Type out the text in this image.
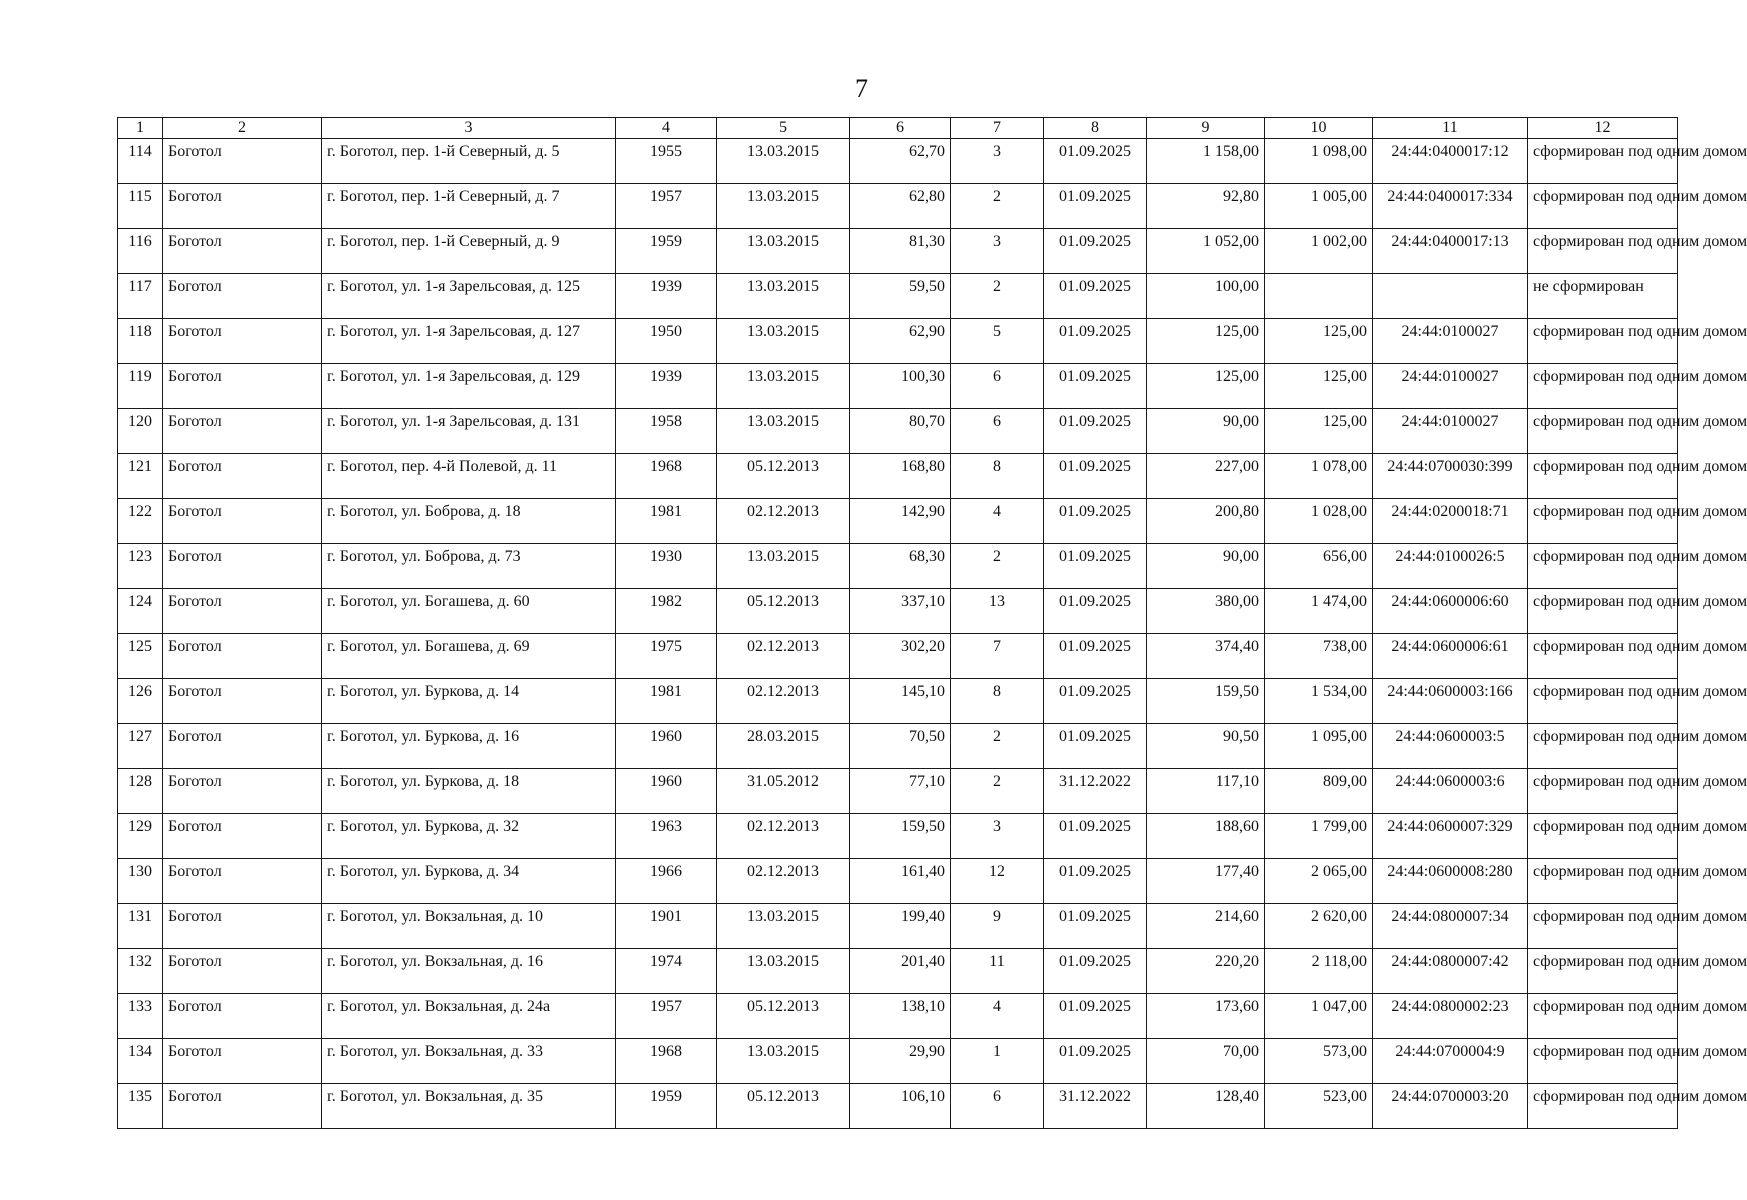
7
1	2	3	4	5	6	7	8	9	10	11	12
114	Боготол	г. Боготол, пер. 1-й Северный, д. 5	1955	13.03.2015	62,70	3	01.09.2025	1 158,00	1 098,00	24:44:0400017:12	сформирован под одним домом
115	Боготол	г. Боготол, пер. 1-й Северный, д. 7	1957	13.03.2015	62,80	2	01.09.2025	92,80	1 005,00	24:44:0400017:334	сформирован под одним домом
116	Боготол	г. Боготол, пер. 1-й Северный, д. 9	1959	13.03.2015	81,30	3	01.09.2025	1 052,00	1 002,00	24:44:0400017:13	сформирован под одним домом
117	Боготол	г. Боготол, ул. 1-я Зарельсовая, д. 125	1939	13.03.2015	59,50	2	01.09.2025	100,00			не сформирован
118	Боготол	г. Боготол, ул. 1-я Зарельсовая, д. 127	1950	13.03.2015	62,90	5	01.09.2025	125,00	125,00	24:44:0100027	сформирован под одним домом
119	Боготол	г. Боготол, ул. 1-я Зарельсовая, д. 129	1939	13.03.2015	100,30	6	01.09.2025	125,00	125,00	24:44:0100027	сформирован под одним домом
120	Боготол	г. Боготол, ул. 1-я Зарельсовая, д. 131	1958	13.03.2015	80,70	6	01.09.2025	90,00	125,00	24:44:0100027	сформирован под одним домом
121	Боготол	г. Боготол, пер. 4-й Полевой, д. 11	1968	05.12.2013	168,80	8	01.09.2025	227,00	1 078,00	24:44:0700030:399	сформирован под одним домом
122	Боготол	г. Боготол, ул. Боброва, д. 18	1981	02.12.2013	142,90	4	01.09.2025	200,80	1 028,00	24:44:0200018:71	сформирован под одним домом
123	Боготол	г. Боготол, ул. Боброва, д. 73	1930	13.03.2015	68,30	2	01.09.2025	90,00	656,00	24:44:0100026:5	сформирован под одним домом
124	Боготол	г. Боготол, ул. Богашева, д. 60	1982	05.12.2013	337,10	13	01.09.2025	380,00	1 474,00	24:44:0600006:60	сформирован под одним домом
125	Боготол	г. Боготол, ул. Богашева, д. 69	1975	02.12.2013	302,20	7	01.09.2025	374,40	738,00	24:44:0600006:61	сформирован под одним домом
126	Боготол	г. Боготол, ул. Буркова, д. 14	1981	02.12.2013	145,10	8	01.09.2025	159,50	1 534,00	24:44:0600003:166	сформирован под одним домом
127	Боготол	г. Боготол, ул. Буркова, д. 16	1960	28.03.2015	70,50	2	01.09.2025	90,50	1 095,00	24:44:0600003:5	сформирован под одним домом
128	Боготол	г. Боготол, ул. Буркова, д. 18	1960	31.05.2012	77,10	2	31.12.2022	117,10	809,00	24:44:0600003:6	сформирован под одним домом
129	Боготол	г. Боготол, ул. Буркова, д. 32	1963	02.12.2013	159,50	3	01.09.2025	188,60	1 799,00	24:44:0600007:329	сформирован под одним домом
130	Боготол	г. Боготол, ул. Буркова, д. 34	1966	02.12.2013	161,40	12	01.09.2025	177,40	2 065,00	24:44:0600008:280	сформирован под одним домом
131	Боготол	г. Боготол, ул. Вокзальная, д. 10	1901	13.03.2015	199,40	9	01.09.2025	214,60	2 620,00	24:44:0800007:34	сформирован под одним домом
132	Боготол	г. Боготол, ул. Вокзальная, д. 16	1974	13.03.2015	201,40	11	01.09.2025	220,20	2 118,00	24:44:0800007:42	сформирован под одним домом
133	Боготол	г. Боготол, ул. Вокзальная, д. 24а	1957	05.12.2013	138,10	4	01.09.2025	173,60	1 047,00	24:44:0800002:23	сформирован под одним домом
134	Боготол	г. Боготол, ул. Вокзальная, д. 33	1968	13.03.2015	29,90	1	01.09.2025	70,00	573,00	24:44:0700004:9	сформирован под одним домом
135	Боготол	г. Боготол, ул. Вокзальная, д. 35	1959	05.12.2013	106,10	6	31.12.2022	128,40	523,00	24:44:0700003:20	сформирован под одним домом
